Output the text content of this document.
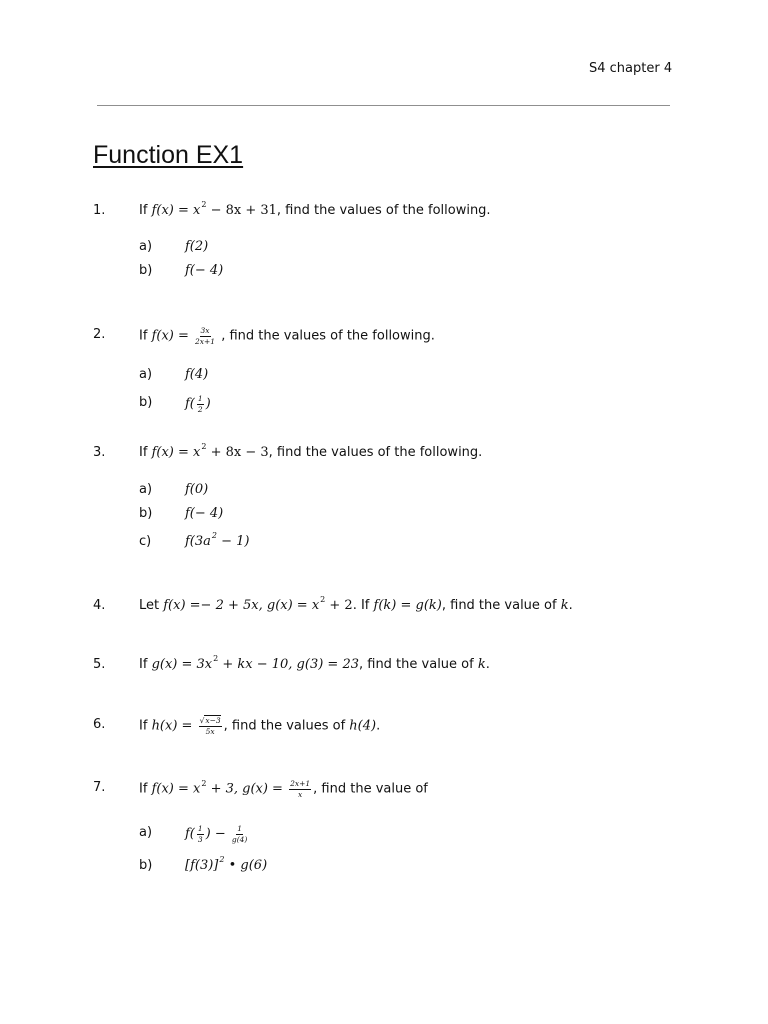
S4 chapter 4
Function EX1
1.	If $f(x) = x^2 - 8x + 31$, find the values of the following.
a)	f(2)
b)	f(− 4)
2.	If $f(x) = \frac{3x}{2x+1}$ , find the values of the following.
a)	f(4)
b)	$f( \frac{1}{2}$ )
3.	If $f(x) = x^2 + 8x - 3$, find the values of the following.
a)	f(0)
b)	f(− 4)
c)	$f(3a^2 - 1)$
4.	Let f(x) =− 2 + 5x, $g(x) = x^2 + 2$. If f(k) = g(k), find the value of k.
5.	If $g(x) = 3x^2$ + kx − 10, g(3) = 23, find the value of k.
6.	If $h(x) = \frac{√x-3}{5x}$ , find the values of h(4).
7.	If $f(x) = x^2 + 3$, $g(x) = \frac{2x+1}{x}$ , find the value of
a)	$f( \frac{1}{3}$ ) − $\frac{1}{g(4)}$
b)	$[f(3)]^2$ • g(6)
